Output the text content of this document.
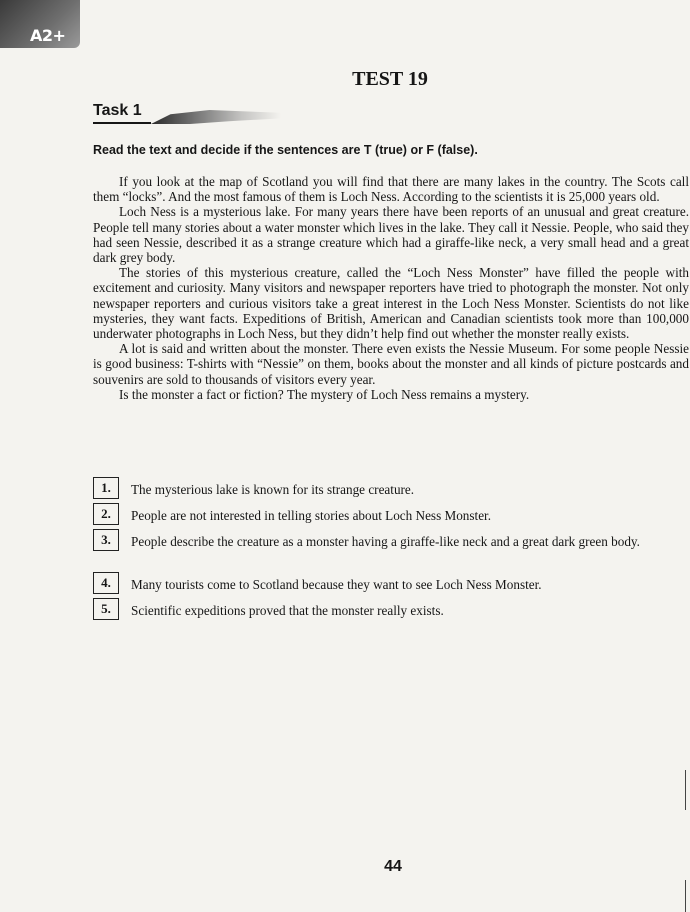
A2+
TEST 19
Task 1
Read the text and decide if the sentences are T (true) or F (false).

If you look at the map of Scotland you will find that there are many lakes in the country. The Scots call them “locks”. And the most famous of them is Loch Ness. According to the scientists it is 25,000 years old.

Loch Ness is a mysterious lake. For many years there have been reports of an unusual and great creature. People tell many stories about a water monster which lives in the lake. They call it Nessie. People, who said they had seen Nessie, described it as a strange creature which had a giraffe-like neck, a very small head and a great dark grey body.

The stories of this mysterious creature, called the “Loch Ness Monster” have filled the people with excitement and curiosity. Many visitors and newspaper reporters have tried to photograph the monster. Not only newspaper reporters and curious visitors take a great interest in the Loch Ness Monster. Scientists do not like mysteries, they want facts. Expeditions of British, American and Canadian scientists took more than 100,000 underwater photographs in Loch Ness, but they didn’t help find out whether the monster really exists.

A lot is said and written about the monster. There even exists the Nessie Museum. For some people Nessie is good business: T-shirts with “Nessie” on them, books about the monster and all kinds of picture postcards and souvenirs are sold to thousands of visitors every year.

Is the monster a fact or fiction? The mystery of Loch Ness remains a mystery.

1.	The mysterious lake is known for its strange creature.
2.	People are not interested in telling stories about Loch Ness Monster.
3.	People describe the creature as a monster having a giraffe-like neck and a great dark green body.
4.	Many tourists come to Scotland because they want to see Loch Ness Monster.
5.	Scientific expeditions proved that the monster really exists.
44
